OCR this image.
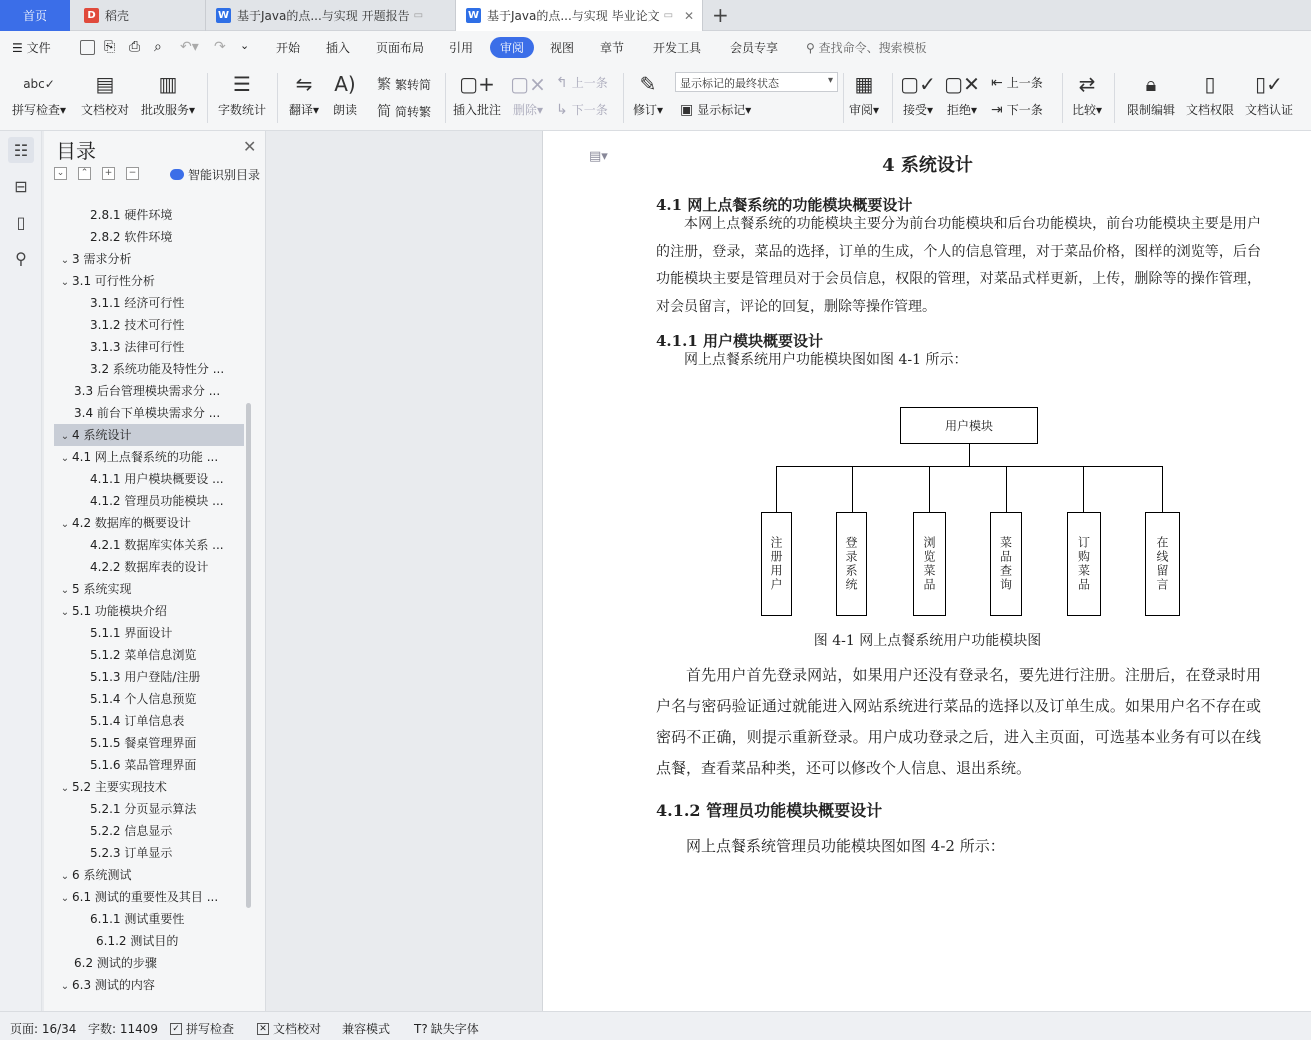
首页	D 稻壳	W 基于Java的点...与实现 开题报告 ▭	W 基于Java的点...与实现 毕业论文 ▭ ✕ +
☰ 文件	⎘ ⎙ ⌕ ↶▾ ↷ ⌄ 开始 插入 页面布局 引用	审阅	视图 章节 开发工具 会员专享 ⚲ 查找命令、搜索模板
abc✓
拼写检查▾
▤
文档校对
▥
批改服务▾
☰
字数统计
⇋
翻译▾
A)
朗读
繁 繁转简
简 简转繁
▢+
插入批注
▢×
删除▾
↰ 上一条
↳ 下一条
✎
修订▾
显示标记的最终状态 ▾
▣ 显示标记 ▾
▦
审阅▾
▢✓
接受▾
▢✕
拒绝▾
⇤ 上一条
⇥ 下一条
⇄
比较▾
🔒︎
限制编辑
▯
文档权限
▯✓
文档认证
☷
⊟
▯
⚲
目录	✕
⌄	⌃	+	−	智能识别目录
2.8.1 硬件环境
2.8.2 软件环境
⌄ 3 需求分析
⌄ 3.1 可行性分析
3.1.1 经济可行性
3.1.2 技术可行性
3.1.3 法律可行性
3.2 系统功能及特性分 ...
3.3 后台管理模块需求分 ...
3.4 前台下单模块需求分 ...
⌄ 4 系统设计
⌄ 4.1 网上点餐系统的功能 ...
4.1.1 用户模块概要设 ...
4.1.2 管理员功能模块 ...
⌄ 4.2 数据库的概要设计
4.2.1 数据库实体关系 ...
4.2.2 数据库表的设计
⌄ 5 系统实现
⌄ 5.1 功能模块介绍
5.1.1 界面设计
5.1.2 菜单信息浏览
5.1.3 用户登陆/注册
5.1.4 个人信息预览
5.1.4 订单信息表
5.1.5 餐桌管理界面
5.1.6 菜品管理界面
⌄ 5.2 主要实现技术
5.2.1 分页显示算法
5.2.2 信息显示
5.2.3 订单显示
⌄ 6 系统测试
⌄ 6.1 测试的重要性及其目 ...
6.1.1 测试重要性
6.1.2 测试目的
6.2 测试的步骤
⌄ 6.3 测试的内容
▤▾	4 系统设计
4.1 网上点餐系统的功能模块概要设计
本网上点餐系统的功能模块主要分为前台功能模块和后台功能模块，前台功能模块主要是用户的注册，登录，菜品的选择，订单的生成，个人的信息管理，对于菜品价格，图样的浏览等，后台功能模块主要是管理员对于会员信息，权限的管理，对菜品式样更新，上传，删除等的操作管理，对会员留言，评论的回复，删除等操作管理。
4.1.1 用户模块概要设计
网上点餐系统用户功能模块图如图 4-1 所示：
用户模块
注册用户	登录系统	浏览菜品	菜品查询	订购菜品	在线留言
图 4-1 网上点餐系统用户功能模块图
首先用户首先登录网站，如果用户还没有登录名，要先进行注册。注册后，在登录时用户名与密码验证通过就能进入网站系统进行菜品的选择以及订单生成。如果用户名不存在或密码不正确，则提示重新登录。用户成功登录之后，进入主页面，可选基本业务有可以在线点餐，查看菜品种类，还可以修改个人信息、退出系统。
4.1.2 管理员功能模块概要设计
网上点餐系统管理员功能模块图如图 4-2 所示：
页面: 16/34 字数: 11409 ✓ 拼写检查	✕ 文档校对 兼容模式 T? 缺失字体
